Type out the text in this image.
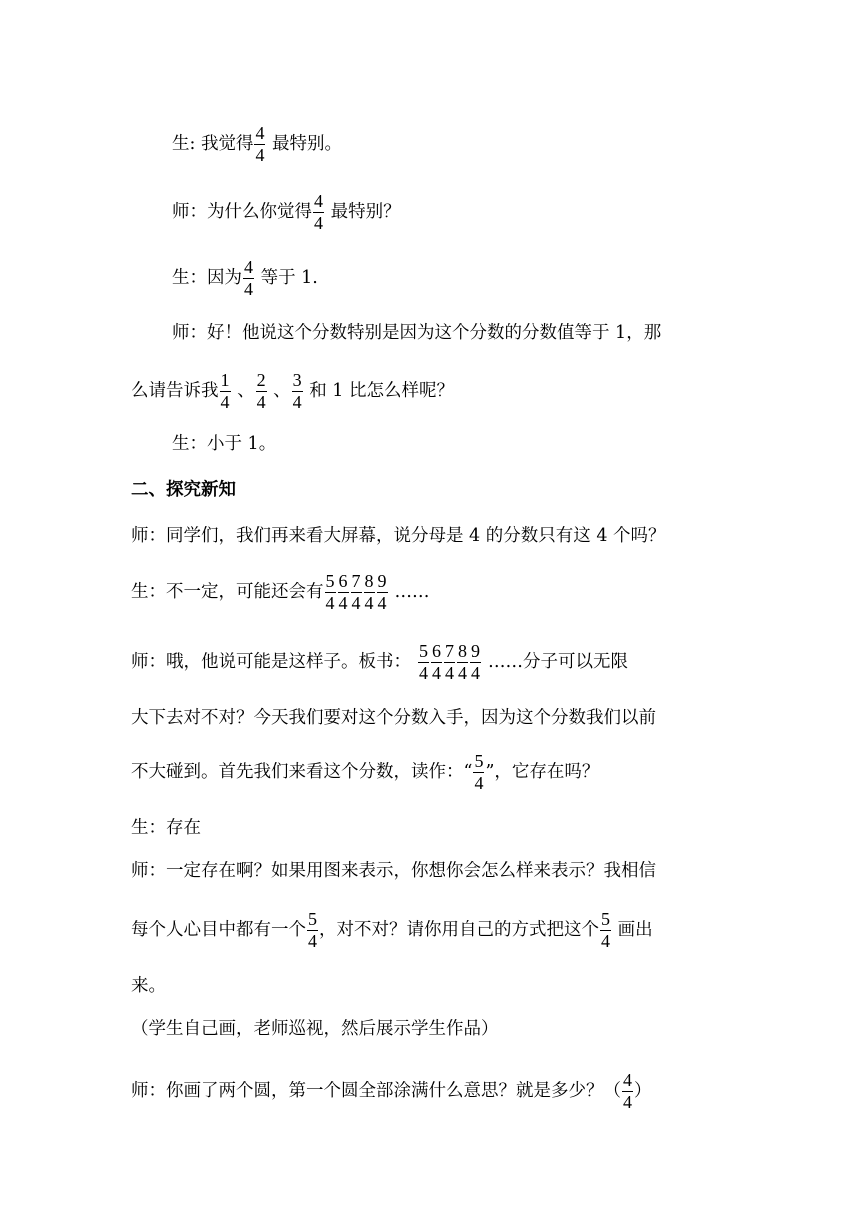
生: 我觉得 $\frac{4}{4}$ 最特别。
师：为什么你觉得 $\frac{4}{4}$ 最特别？
生：因为 $\frac{4}{4}$ 等于 1.
师：好！他说这个分数特别是因为这个分数的分数值等于 1，那
么请告诉我 $\frac{1}{4}$ 、 $\frac{2}{4}$ 、 $\frac{3}{4}$ 和 1 比怎么样呢？
生：小于 1。
二、探究新知
师：同学们，我们再来看大屏幕，说分母是 4 的分数只有这 4 个吗？
生：不一定，可能还会有 $\frac{5}{4} \frac{6}{4} \frac{7}{4} \frac{8}{4} \frac{9}{4}$ ……
师：哦，他说可能是这样子。板书： $\frac{5}{4} \frac{6}{4} \frac{7}{4} \frac{8}{4} \frac{9}{4}$ ……分子可以无限
大下去对不对？今天我们要对这个分数入手，因为这个分数我们以前
不大碰到。首先我们来看这个分数，读作：“ $\frac{5}{4}$ ”，它存在吗？
生：存在
师：一定存在啊？如果用图来表示，你想你会怎么样来表示？我相信
每个人心目中都有一个 $\frac{5}{4}$ ，对不对？请你用自己的方式把这个 $\frac{5}{4}$ 画出
来。
（学生自己画，老师巡视，然后展示学生作品）
师：你画了两个圆，第一个圆全部涂满什么意思？就是多少？（ $\frac{4}{4}$ ）
